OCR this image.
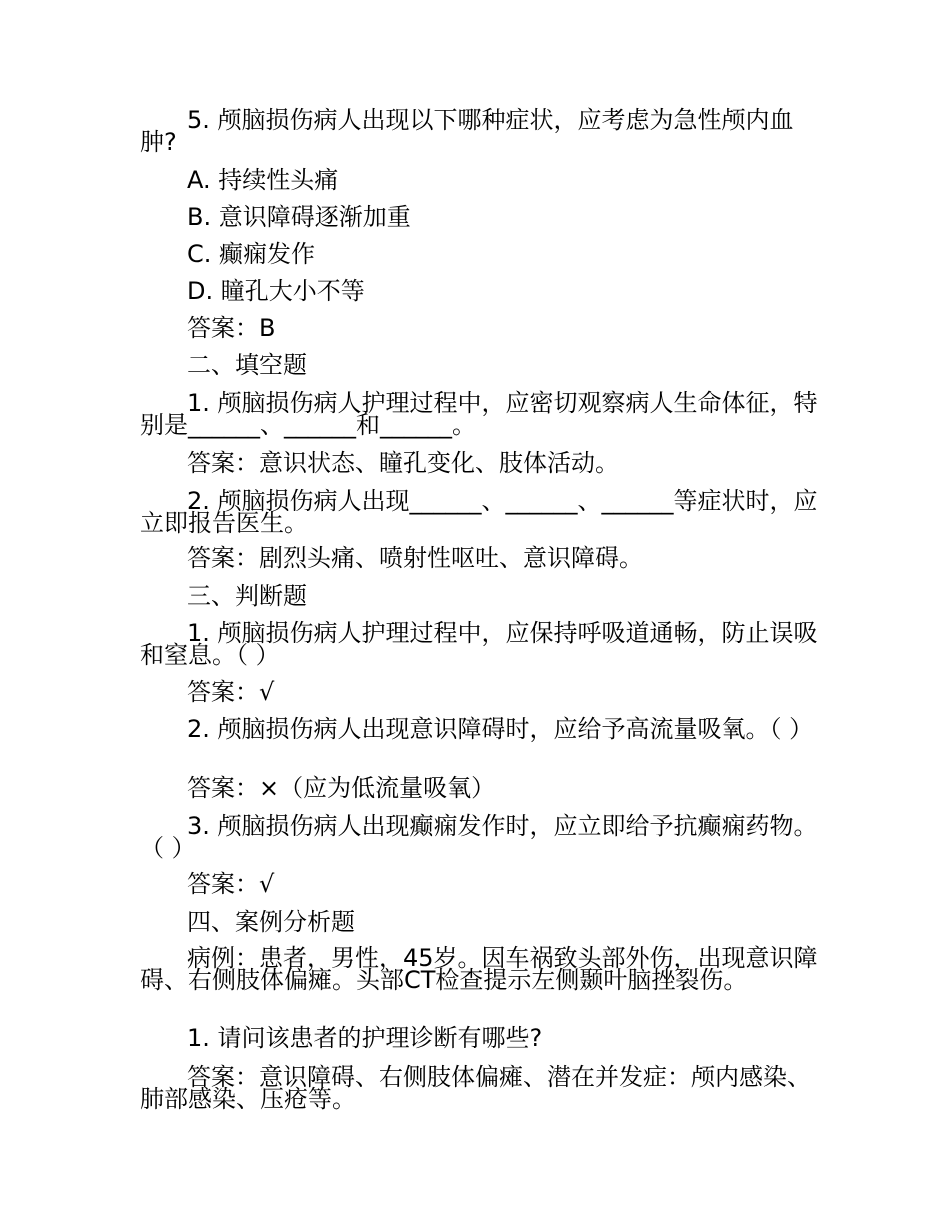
5. 颅脑损伤病人出现以下哪种症状，应考虑为急性颅内血肿?

A. 持续性头痛

B. 意识障碍逐渐加重

C. 癫痫发作

D. 瞳孔大小不等

答案：B

二、填空题

1. 颅脑损伤病人护理过程中，应密切观察病人生命体征，特别是______、______和______。

答案：意识状态、瞳孔变化、肢体活动。

2. 颅脑损伤病人出现______、______、______等症状时，应立即报告医生。

答案：剧烈头痛、喷射性呕吐、意识障碍。

三、判断题

1. 颅脑损伤病人护理过程中，应保持呼吸道通畅，防止误吸和窒息。（ ）

答案：√

2. 颅脑损伤病人出现意识障碍时，应给予高流量吸氧。（ ）

答案：×（应为低流量吸氧）

3. 颅脑损伤病人出现癫痫发作时，应立即给予抗癫痫药物。（ ）

答案：√

四、案例分析题

病例：患者，男性，45岁。因车祸致头部外伤，出现意识障碍、右侧肢体偏瘫。头部CT检查提示左侧颞叶脑挫裂伤。

1. 请问该患者的护理诊断有哪些?

答案：意识障碍、右侧肢体偏瘫、潜在并发症：颅内感染、肺部感染、压疮等。
